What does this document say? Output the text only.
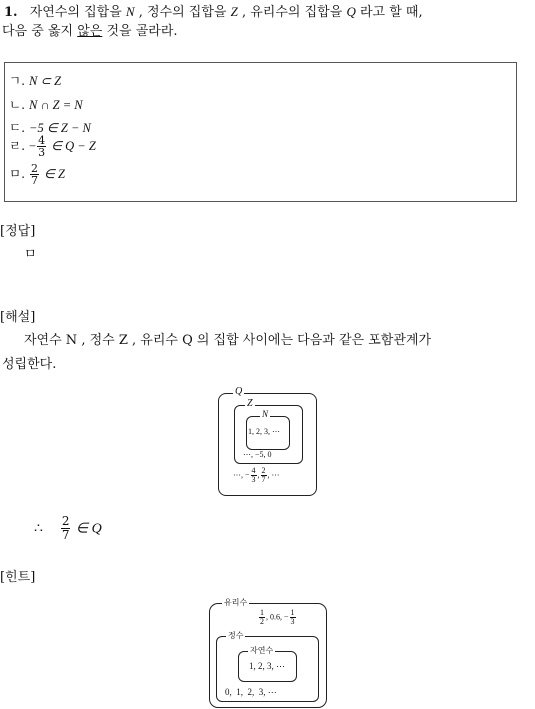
1. 자연수의 집합을 N , 정수의 집합을 Z , 유리수의 집합을 Q 라고 할 때,
다음 중 옳지 않은 것을 골라라.
ㄱ. N ⊂ Z
ㄴ. N ∩ Z = N
ㄷ. −5 ∈ Z − N
ㄹ. − $\frac{4}{3}$ ∈ Q − Z
ㅁ. $\frac{2}{7}$ ∈ Z
[정답]
ㅁ
[해설]
자연수 N , 정수 Z , 유리수 Q 의 집합 사이에는 다음과 같은 포함관계가
성립한다.
Q
Z
N
1, 2, 3, ⋯
⋯, −5, 0
⋯, − $\frac{4}{3}$ , $\frac{2}{7}$ , ⋯
∴ $\frac{2}{7}$ ∈ Q
[힌트]
유리수
$\frac{1}{2}$ , 0.6, − $\frac{1}{3}$
정수
자연수
1, 2, 3, ⋯
0,  1,  2,  3, ⋯
